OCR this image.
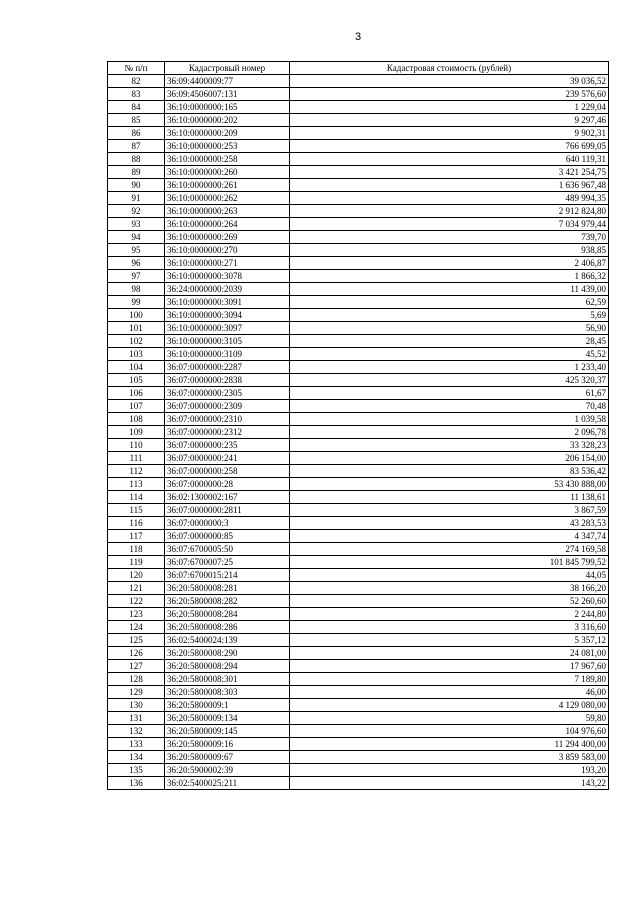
3
№ п/п	Кадастровый номер	Кадастровая стоимость (рублей)
82	36:09:4400009:77	39 036,52
83	36:09:4506007:131	239 576,60
84	36:10:0000000:165	1 229,04
85	36:10:0000000:202	9 297,46
86	36:10:0000000:209	9 902,31
87	36:10:0000000:253	766 699,05
88	36:10:0000000:258	640 119,31
89	36:10:0000000:260	3 421 254,75
90	36:10:0000000:261	1 636 967,48
91	36:10:0000000:262	489 994,35
92	36:10:0000000:263	2 912 824,80
93	36:10:0000000:264	7 034 979,44
94	36:10:0000000:269	739,70
95	36:10:0000000:270	938,85
96	36:10:0000000:271	2 406,87
97	36:10:0000000:3078	1 866,32
98	36:24:0000000:2039	11 439,00
99	36:10:0000000:3091	62,59
100	36:10:0000000:3094	5,69
101	36:10:0000000:3097	56,90
102	36:10:0000000:3105	28,45
103	36:10:0000000:3109	45,52
104	36:07:0000000:2287	1 233,40
105	36:07:0000000:2838	425 320,37
106	36:07:0000000:2305	61,67
107	36:07:0000000:2309	70,48
108	36:07:0000000:2310	1 039,58
109	36:07:0000000:2312	2 096,78
110	36:07:0000000:235	33 328,23
111	36:07:0000000:241	206 154,00
112	36:07:0000000:258	83 536,42
113	36:07:0000000:28	53 430 888,00
114	36:02:1300002:167	11 138,61
115	36:07:0000000:2811	3 867,59
116	36:07:0000000:3	43 283,53
117	36:07:0000000:85	4 347,74
118	36:07:6700005:50	274 169,58
119	36:07:6700007:25	101 845 799,52
120	36:07:6700015:214	44,05
121	36:20:5800008:281	38 166,20
122	36:20:5800008:282	52 260,60
123	36:20:5800008:284	2 244,80
124	36:20:5800008:286	3 316,60
125	36:02:5400024:139	5 357,12
126	36:20:5800008:290	24 081,00
127	36:20:5800008:294	17 967,60
128	36:20:5800008:301	7 189,80
129	36:20:5800008:303	46,00
130	36:20:5800009:1	4 129 080,00
131	36:20:5800009:134	59,80
132	36:20:5800009:145	104 976,60
133	36:20:5800009:16	11 294 400,00
134	36:20:5800009:67	3 859 583,00
135	36:20:5900002:39	193,20
136	36:02:5400025:211	143,22
